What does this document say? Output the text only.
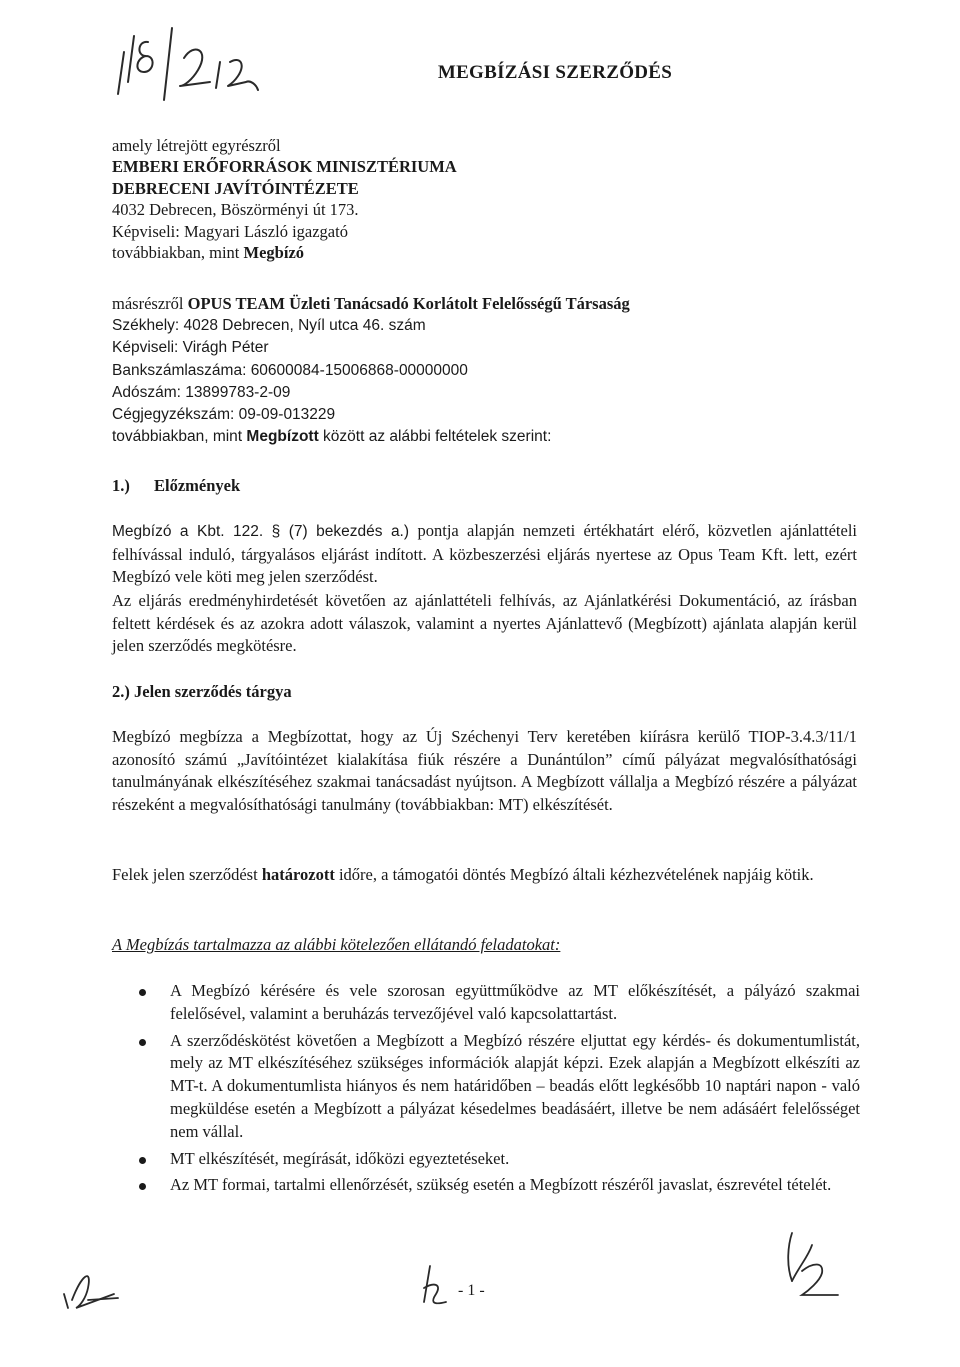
MEGBÍZÁSI SZERZŐDÉS
amely létrejött egyrészről
EMBERI ERŐFORRÁSOK MINISZTÉRIUMA
DEBRECENI JAVÍTÓINTÉZETE
4032 Debrecen, Böszörményi út 173.
Képviseli: Magyari László igazgató
továbbiakban, mint Megbízó
másrészről OPUS TEAM Üzleti Tanácsadó Korlátolt Felelősségű Társaság
Székhely: 4028 Debrecen, Nyíl utca 46. szám
Képviseli: Virágh Péter
Bankszámlaszáma: 60600084-15006868-00000000
Adószám: 13899783-2-09
Cégjegyzékszám: 09-09-013229
továbbiakban, mint Megbízott között az alábbi feltételek szerint:
1.) Előzmények
Megbízó a Kbt. 122. § (7) bekezdés a.) pontja alapján nemzeti értékhatárt elérő, közvetlen ajánlattételi felhívással induló, tárgyalásos eljárást indított. A közbeszerzési eljárás nyertese az Opus Team Kft. lett, ezért Megbízó vele köti meg jelen szerződést.
Az eljárás eredményhirdetését követően az ajánlattételi felhívás, az Ajánlatkérési Dokumentáció, az írásban feltett kérdések és az azokra adott válaszok, valamint a nyertes Ajánlattevő (Megbízott) ajánlata alapján kerül jelen szerződés megkötésre.
2.) Jelen szerződés tárgya
Megbízó megbízza a Megbízottat, hogy az Új Széchenyi Terv keretében kiírásra kerülő TIOP-3.4.3/11/1 azonosító számú „Javítóintézet kialakítása fiúk részére a Dunántúlon” című pályázat megvalósíthatósági tanulmányának elkészítéséhez szakmai tanácsadást nyújtson. A Megbízott vállalja a Megbízó részére a pályázat részeként a megvalósíthatósági tanulmány (továbbiakban: MT) elkészítését.
Felek jelen szerződést határozott időre, a támogatói döntés Megbízó általi kézhezvételének napjáig kötik.
A Megbízás tartalmazza az alábbi kötelezően ellátandó feladatokat:
A Megbízó kérésére és vele szorosan együttműködve az MT előkészítését, a pályázó szakmai felelősével, valamint a beruházás tervezőjével való kapcsolattartást.
A szerződéskötést követően a Megbízott a Megbízó részére eljuttat egy kérdés- és dokumentumlistát, mely az MT elkészítéséhez szükséges információk alapját képzi. Ezek alapján a Megbízott elkészíti az MT-t. A dokumentumlista hiányos és nem határidőben – beadás előtt legkésőbb 10 naptári napon - való megküldése esetén a Megbízott a pályázat késedelmes beadásáért, illetve be nem adásáért felelősséget nem vállal.
MT elkészítését, megírását, időközi egyeztetéseket.
Az MT formai, tartalmi ellenőrzését, szükség esetén a Megbízott részéről javaslat, észrevétel tételét.
- 1 -
